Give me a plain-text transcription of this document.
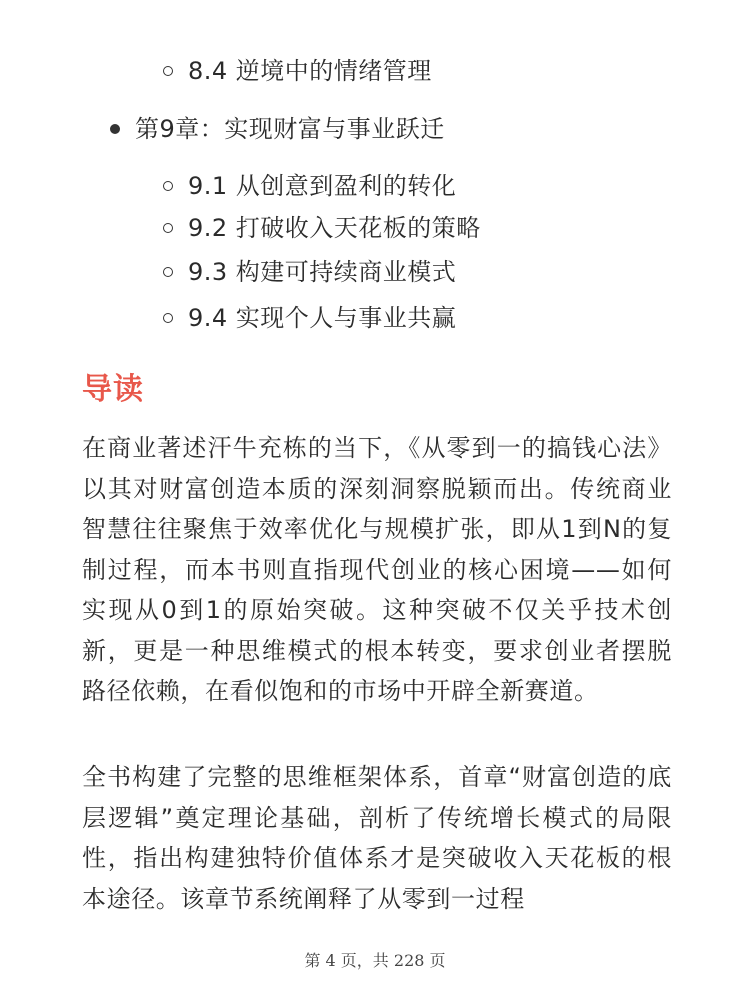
8.4 逆境中的情绪管理
第9章：实现财富与事业跃迁
9.1 从创意到盈利的转化
9.2 打破收入天花板的策略
9.3 构建可持续商业模式
9.4 实现个人与事业共赢
导读

在商业著述汗牛充栋的当下，《从零到一的搞钱心法》以其对财富创造本质的深刻洞察脱颖而出。传统商业智慧往往聚焦于效率优化与规模扩张，即从1到N的复制过程，而本书则直指现代创业的核心困境——如何实现从0到1的原始突破。这种突破不仅关乎技术创新，更是一种思维模式的根本转变，要求创业者摆脱路径依赖，在看似饱和的市场中开辟全新赛道。

全书构建了完整的思维框架体系，首章“财富创造的底层逻辑”奠定理论基础，剖析了传统增长模式的局限性，指出构建独特价值体系才是突破收入天花板的根本途径。该章节系统阐释了从零到一过程

第 4 页，共 228 页
